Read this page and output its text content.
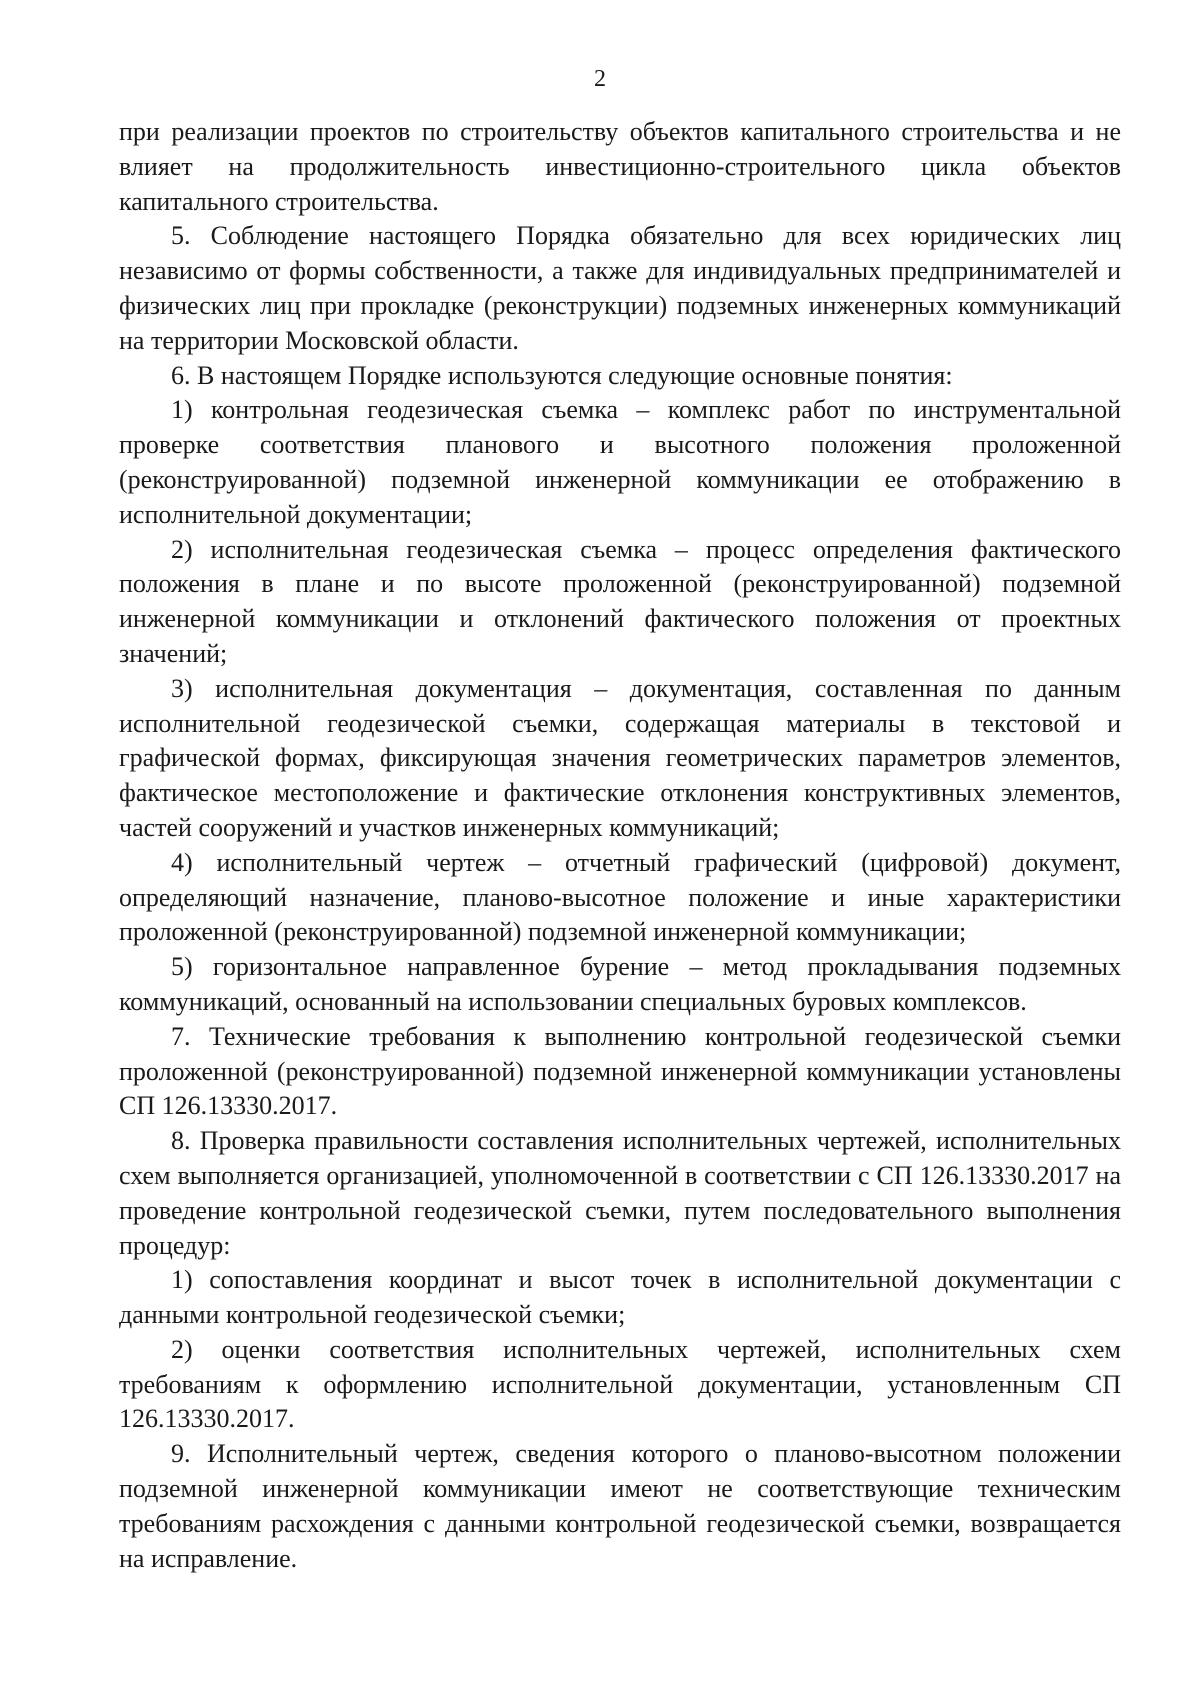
2

при реализации проектов по строительству объектов капитального строительства и не влияет на продолжительность инвестиционно-строительного цикла объектов капитального строительства.

5. Соблюдение настоящего Порядка обязательно для всех юридических лиц независимо от формы собственности, а также для индивидуальных предпринимателей и физических лиц при прокладке (реконструкции) подземных инженерных коммуникаций на территории Московской области.

6. В настоящем Порядке используются следующие основные понятия:

1) контрольная геодезическая съемка – комплекс работ по инструментальной проверке соответствия планового и высотного положения проложенной (реконструированной) подземной инженерной коммуникации ее отображению в исполнительной документации;

2) исполнительная геодезическая съемка – процесс определения фактического положения в плане и по высоте проложенной (реконструированной) подземной инженерной коммуникации и отклонений фактического положения от проектных значений;

3) исполнительная документация – документация, составленная по данным исполнительной геодезической съемки, содержащая материалы в текстовой и графической формах, фиксирующая значения геометрических параметров элементов, фактическое местоположение и фактические отклонения конструктивных элементов, частей сооружений и участков инженерных коммуникаций;

4) исполнительный чертеж – отчетный графический (цифровой) документ, определяющий назначение, планово-высотное положение и иные характеристики проложенной (реконструированной) подземной инженерной коммуникации;

5) горизонтальное направленное бурение – метод прокладывания подземных коммуникаций, основанный на использовании специальных буровых комплексов.

7. Технические требования к выполнению контрольной геодезической съемки проложенной (реконструированной) подземной инженерной коммуникации установлены СП 126.13330.2017.

8. Проверка правильности составления исполнительных чертежей, исполнительных схем выполняется организацией, уполномоченной в соответствии с СП 126.13330.2017 на проведение контрольной геодезической съемки, путем последовательного выполнения процедур:

1) сопоставления координат и высот точек в исполнительной документации с данными контрольной геодезической съемки;

2) оценки соответствия исполнительных чертежей, исполнительных схем требованиям к оформлению исполнительной документации, установленным СП 126.13330.2017.

9. Исполнительный чертеж, сведения которого о планово-высотном положении подземной инженерной коммуникации имеют не соответствующие техническим требованиям расхождения с данными контрольной геодезической съемки, возвращается на исправление.
